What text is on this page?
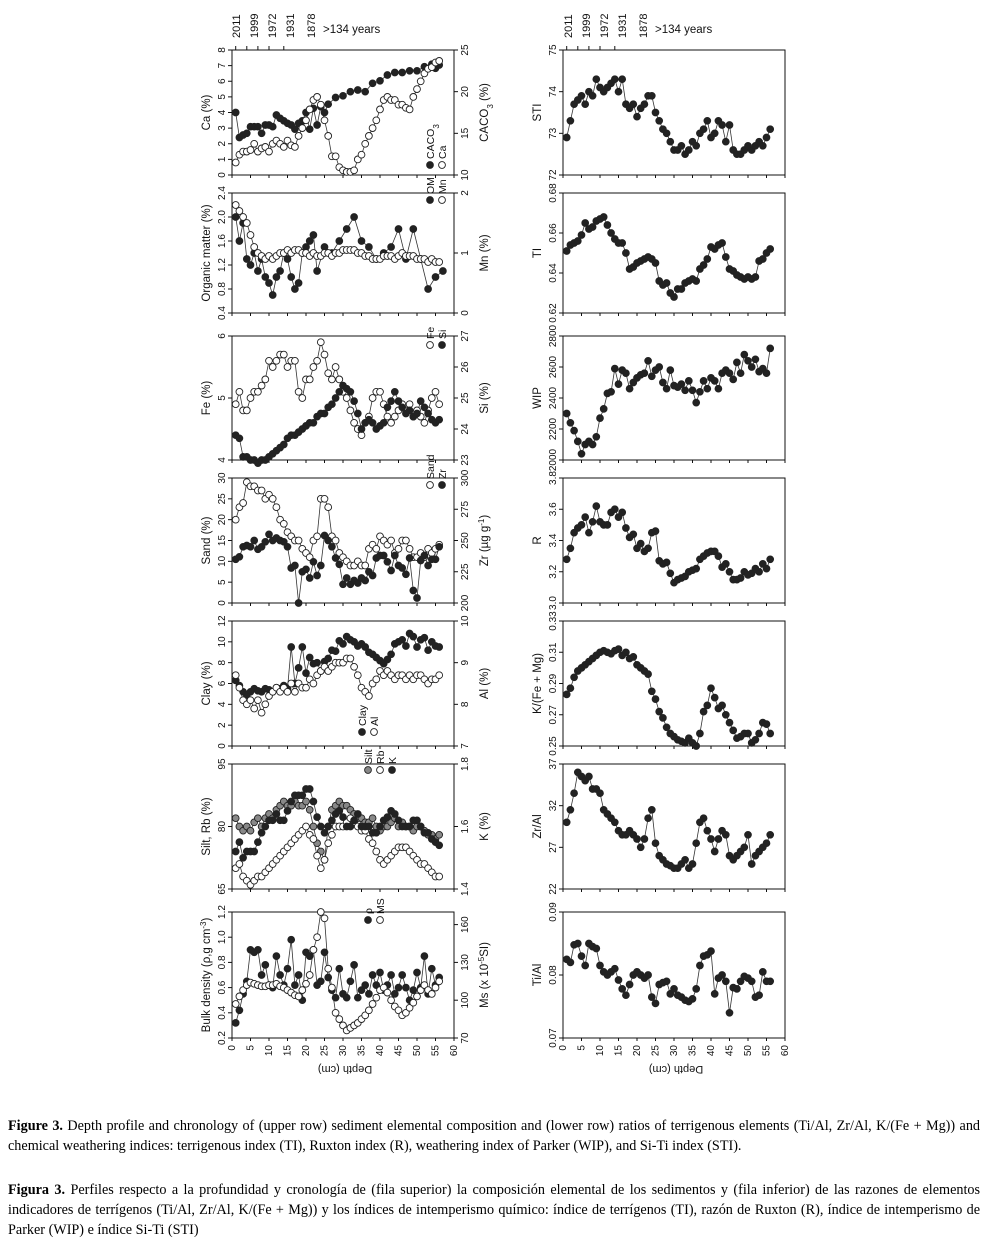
2011 1999 1972 1931 1878 >134 years	2011 1999 1972 1931 1878 >134 years
Depth (cm)	Depth (cm)
0
1
2
3
4
5
6
7
8
Ca (%)
10
15
20
25
$CACO_3$ (%)
$CACO_3$
Ca
0.4
0.8
1.2
1.6
2.0
2.4
Organic matter (%)
0
1
2
Mn (%)
OM Mn
4
5
6
Fe (%)
23
24
25
26
27
Si (%)
Fe Si
0
5
10
15
20
25
30
Sand (%)
200
225
250
275
300
Zr (µg $g^{-1}$)
Sand Zr
0
2
4
6
8
10
12
Clay (%)
7
8
9
10
Al (%)
Clay Al
65
80
95
Silt, Rb (%)
1.4
1.6
1.8
K (%)
Silt Rb K
0.2
0.4
0.6
0.8
1.0
1.2
Bulk density (ρ,g $cm^{-3}$)
70
100
130
160
Ms (x $10^{-5}SI$)
0 5 10 15 20 25 30 35 40 45 50 55 60
ρ MS
72
73
74
75
STI
0.62
0.64
0.66
0.68
TI
2000
2200
2400
2600
2800
WIP
3.0
3.2
3.4
3.6
3.8
R
0.25
0.27
0.29
0.31
0.33
K/(Fe + Mg)
22
27
32
37
Zr/Al
0.07
0.08
0.09
Ti/Al
0 5 10 15 20 25 30 35 40 45 50 55 60
Figure 3. Depth profile and chronology of (upper row) sediment elemental composition and (lower row) ratios of terrigenous elements (Ti/Al, Zr/Al, K/(Fe + Mg)) and chemical weathering indices: terrigenous index (TI), Ruxton index (R), weathering index of Parker (WIP), and Si-Ti index (STI).
Figura 3. Perfiles respecto a la profundidad y cronología de (fila superior) la composición elemental de los sedimentos y (fila inferior) de las razones de elementos indicadores de terrígenos (Ti/Al, Zr/Al, K/(Fe + Mg)) y los índices de intemperismo químico: índice de terrígenos (TI), razón de Ruxton (R), índice de intemperismo de Parker (WIP) e índice Si-Ti (STI)
